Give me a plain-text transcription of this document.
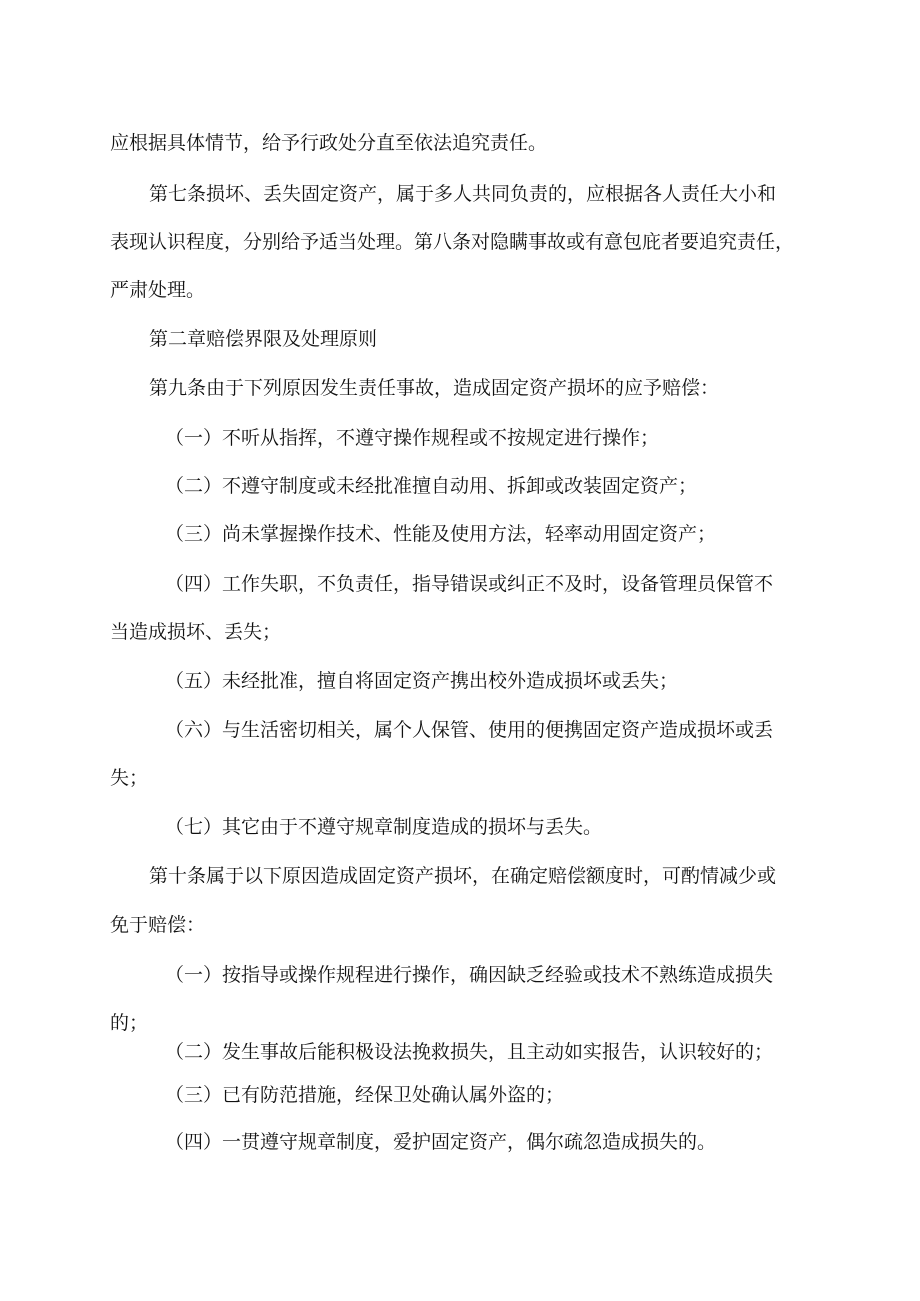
应根据具体情节，给予行政处分直至依法追究责任。

第七条损坏、丢失固定资产，属于多人共同负责的，应根据各人责任大小和

表现认识程度，分别给予适当处理。第八条对隐瞒事故或有意包庇者要追究责任，

严肃处理。

第二章赔偿界限及处理原则

第九条由于下列原因发生责任事故，造成固定资产损坏的应予赔偿：

（一）不听从指挥，不遵守操作规程或不按规定进行操作；

（二）不遵守制度或未经批准擅自动用、拆卸或改装固定资产；

（三）尚未掌握操作技术、性能及使用方法，轻率动用固定资产；

（四）工作失职，不负责任，指导错误或纠正不及时，设备管理员保管不

当造成损坏、丢失；

（五）未经批准，擅自将固定资产携出校外造成损坏或丢失；

（六）与生活密切相关，属个人保管、使用的便携固定资产造成损坏或丢

失；

（七）其它由于不遵守规章制度造成的损坏与丢失。

第十条属于以下原因造成固定资产损坏，在确定赔偿额度时，可酌情减少或

免于赔偿：

（一）按指导或操作规程进行操作，确因缺乏经验或技术不熟练造成损失

的；

（二）发生事故后能积极设法挽救损失，且主动如实报告，认识较好的；

（三）已有防范措施，经保卫处确认属外盗的；

（四）一贯遵守规章制度，爱护固定资产，偶尔疏忽造成损失的。
